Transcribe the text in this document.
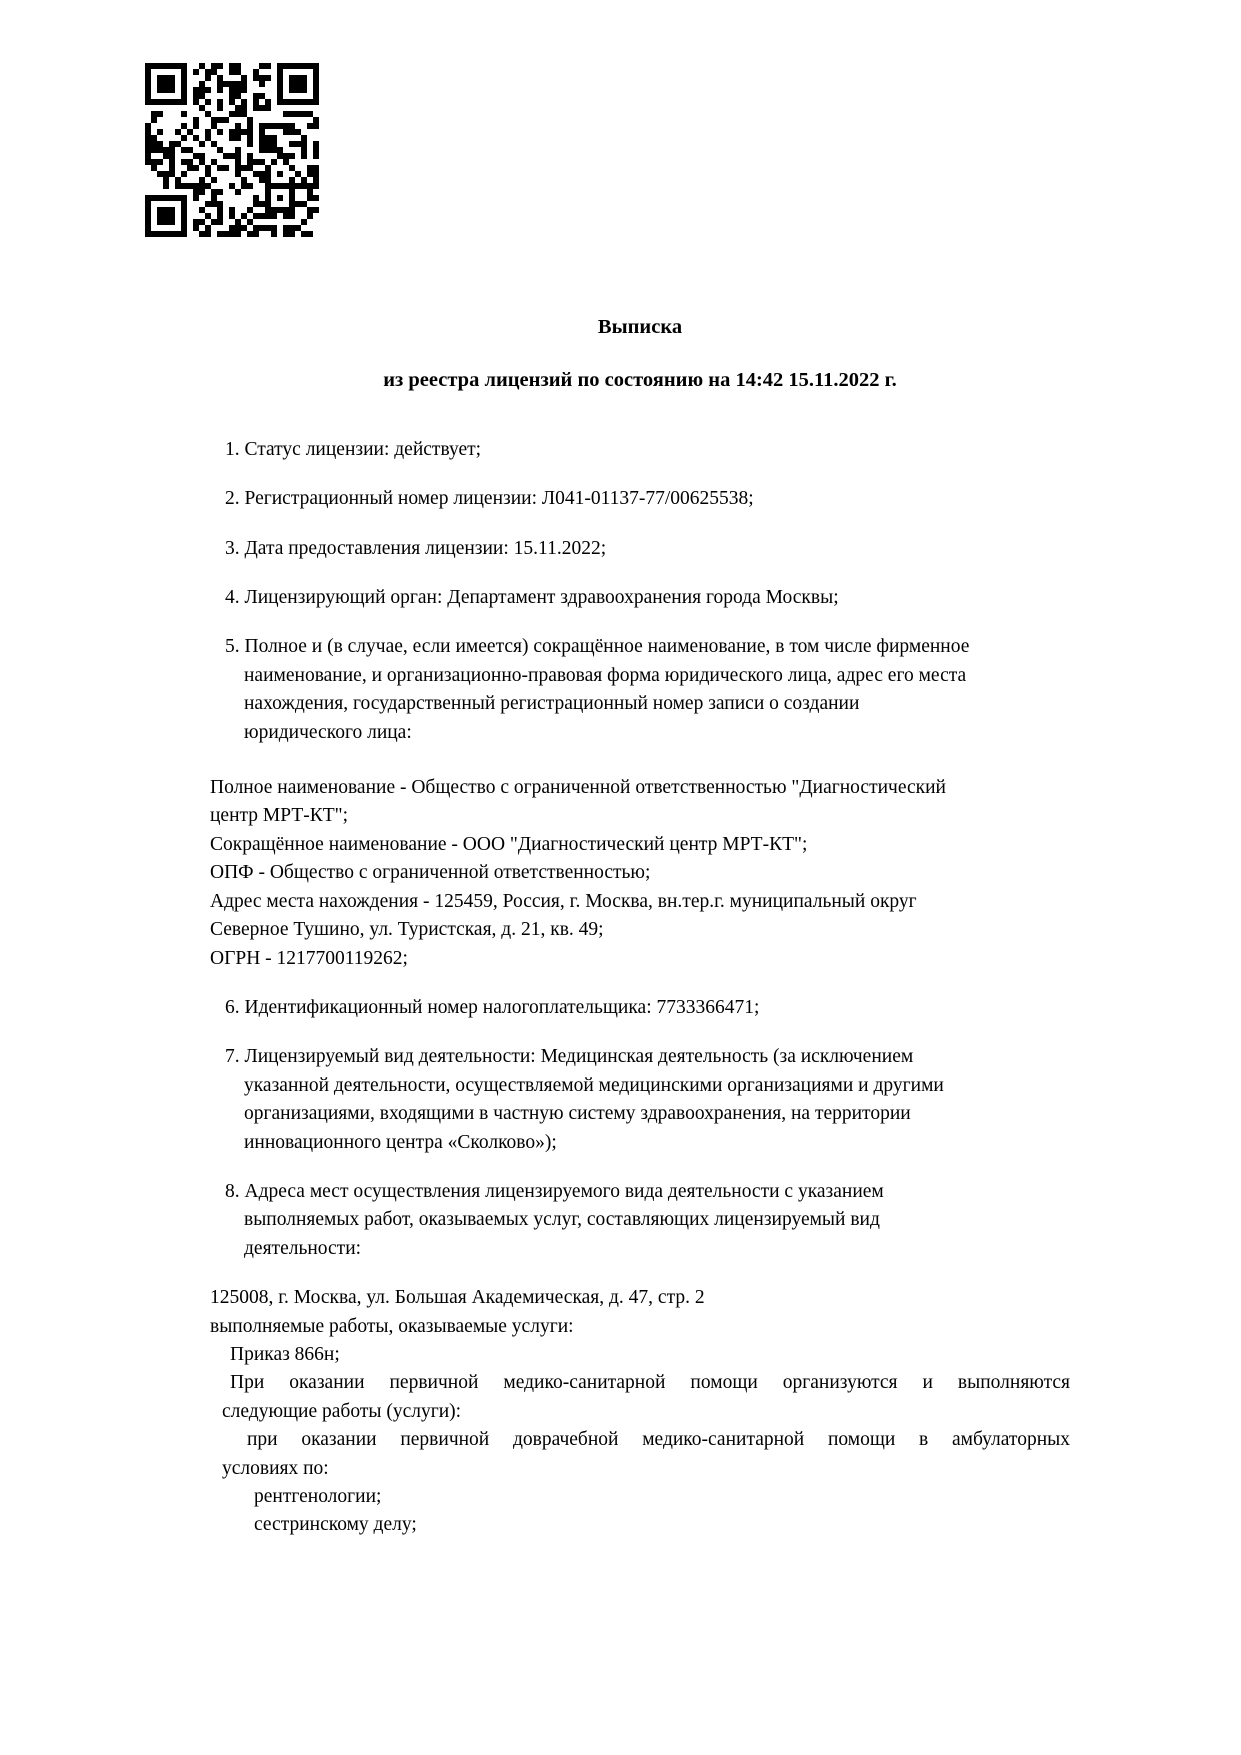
Выписка
из реестра лицензий по состоянию на 14:42 15.11.2022 г.
1. Статус лицензии: действует;
2. Регистрационный номер лицензии: Л041-01137-77/00625538;
3. Дата предоставления лицензии: 15.11.2022;
4. Лицензирующий орган: Департамент здравоохранения города Москвы;
5. Полное и (в случае, если имеется) сокращённое наименование, в том числе фирменное
наименование, и организационно-правовая форма юридического лица, адрес его места
нахождения, государственный регистрационный номер записи о создании
юридического лица:
Полное наименование - Общество с ограниченной ответственностью "Диагностический
центр МРТ-КТ";
Сокращённое наименование - ООО "Диагностический центр МРТ-КТ";
ОПФ - Общество с ограниченной ответственностью;
Адрес места нахождения - 125459, Россия, г. Москва, вн.тер.г. муниципальный округ
Северное Тушино, ул. Туристская, д. 21, кв. 49;
ОГРН - 1217700119262;
6. Идентификационный номер налогоплательщика: 7733366471;
7. Лицензируемый вид деятельности: Медицинская деятельность (за исключением
указанной деятельности, осуществляемой медицинскими организациями и другими
организациями, входящими в частную систему здравоохранения, на территории
инновационного центра «Сколково»);
8. Адреса мест осуществления лицензируемого вида деятельности с указанием
выполняемых работ, оказываемых услуг, составляющих лицензируемый вид
деятельности:
125008, г. Москва, ул. Большая Академическая, д. 47, стр. 2
выполняемые работы, оказываемые услуги:
Приказ 866н;
При оказании первичной медико-санитарной помощи организуются и выполняются
следующие работы (услуги):
при оказании первичной доврачебной медико-санитарной помощи в амбулаторных
условиях по:
рентгенологии;
сестринскому делу;
